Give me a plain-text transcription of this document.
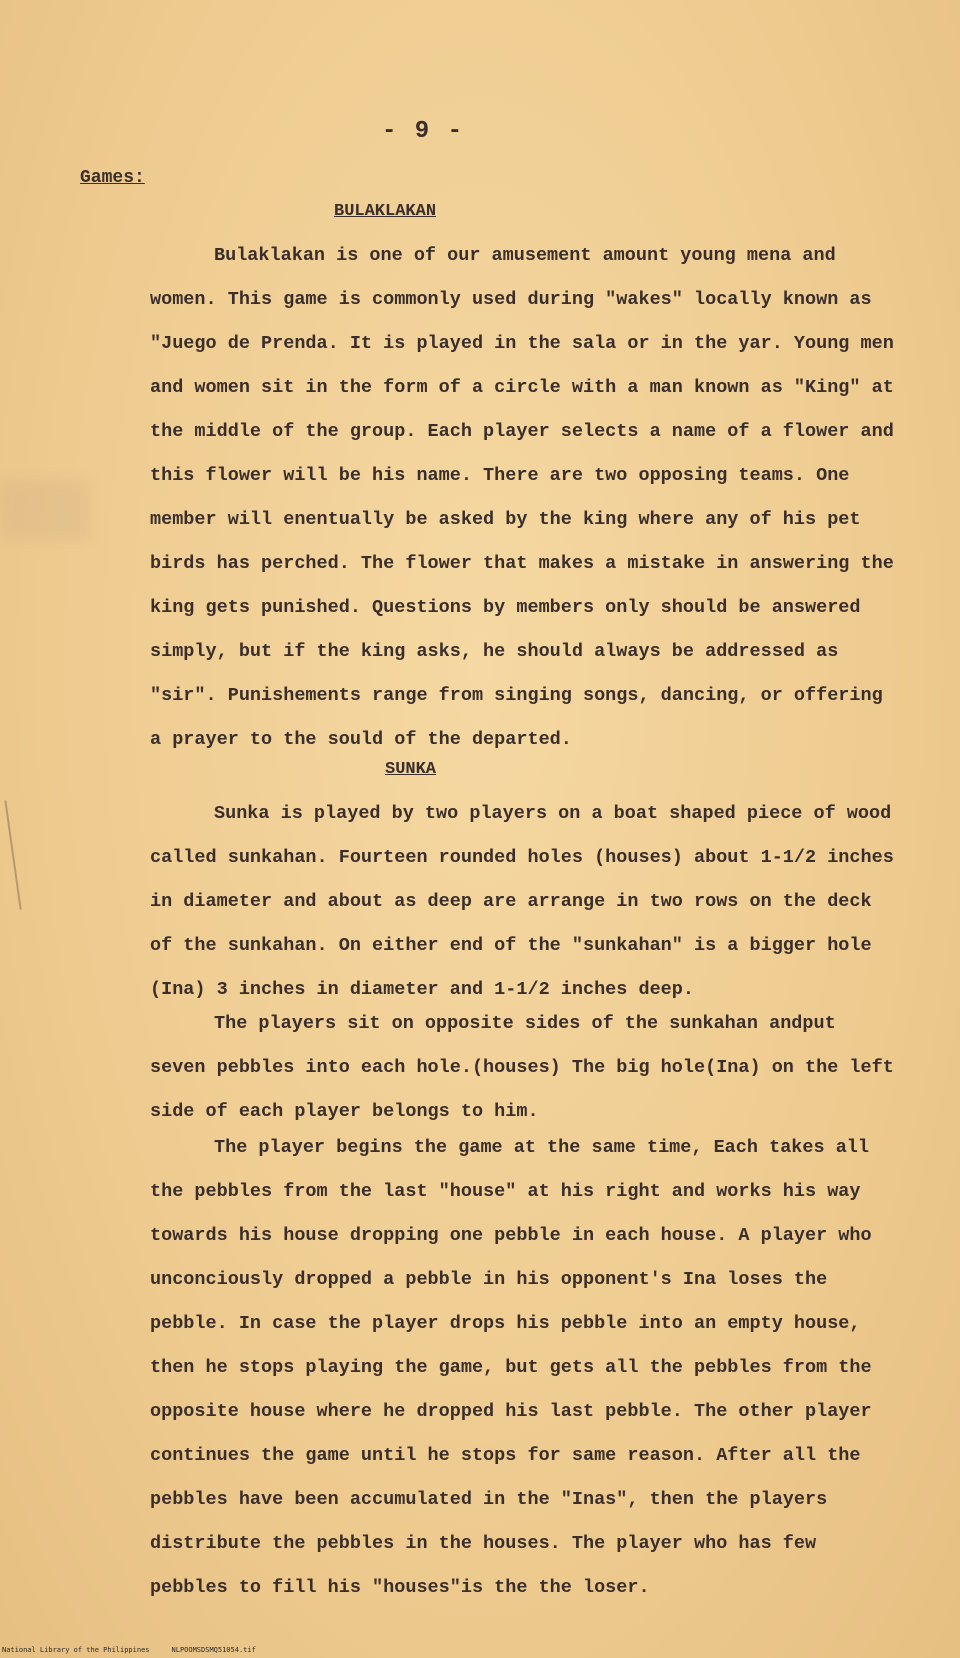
- 9 -
Games:
BULAKLAKAN

Bulaklakan is one of our amusement amount young mena and women. This game is commonly used during "wakes" locally known as "Juego de Prenda. It is played in the sala or in the yar. Young men and women sit in the form of a circle with a man known as "King" at the middle of the group. Each player selects a name of a flower and this flower will be his name. There are two opposing teams. One member will enentually be asked by the king where any of his pet birds has perched. The flower that makes a mistake in answering the king gets punished. Questions by members only should be answered simply, but if the king asks, he should always be addressed as "sir". Punishements range from singing songs, dancing, or offering a prayer to the sould of the departed.

SUNKA

Sunka is played by two players on a boat shaped piece of wood called sunkahan. Fourteen rounded holes (houses) about 1-1/2 inches in diameter and about as deep are arrange in two rows on the deck of the sunkahan. On either end of the "sunkahan" is a bigger hole (Ina) 3 inches in diameter and 1-1/2 inches deep.

The players sit on opposite sides of the sunkahan andput seven pebbles into each hole.(houses) The big hole(Ina) on the left side of each player belongs to him.

The player begins the game at the same time, Each takes all the pebbles from the last "house" at his right and works his way towards his house dropping one pebble in each house. A player who unconciously dropped a pebble in his opponent's Ina loses the pebble. In case the player drops his pebble into an empty house, then he stops playing the game, but gets all the pebbles from the opposite house where he dropped his last pebble. The other player continues the game until he stops for same reason. After all the pebbles have been accumulated in the "Inas", then the players distribute the pebbles in the houses. The player who has few pebbles to fill his "houses"is the the loser.

National Library of the Philippines	NLPOOMSDSMQ51054.tif
